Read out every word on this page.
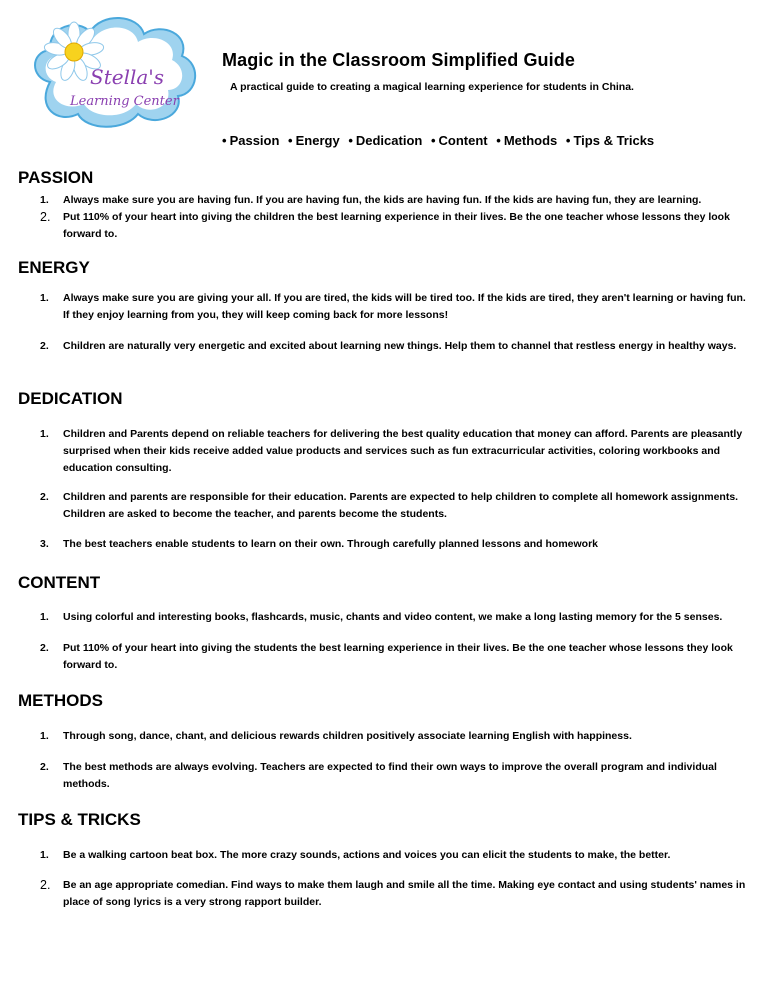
Stella's
Learning Center
Magic in the Classroom Simplified Guide
A practical guide to creating a magical learning experience for students in China.
• Passion • Energy • Dedication • Content • Methods • Tips & Tricks
PASSION
1. Always make sure you are having fun. If you are having fun, the kids are having fun. If the kids are having fun, they are learning.
2. Put 110% of your heart into giving the children the best learning experience in their lives. Be the one teacher whose lessons they look forward to.
ENERGY
1. Always make sure you are giving your all. If you are tired, the kids will be tired too. If the kids are tired, they aren't learning or having fun. If they enjoy learning from you, they will keep coming back for more lessons!
2. Children are naturally very energetic and excited about learning new things. Help them to channel that restless energy in healthy ways.
DEDICATION
1. Children and Parents depend on reliable teachers for delivering the best quality education that money can afford. Parents are pleasantly surprised when their kids receive added value products and services such as fun extracurricular activities, coloring workbooks and education consulting.
2. Children and parents are responsible for their education. Parents are expected to help children to complete all homework assignments. Children are asked to become the teacher, and parents become the students.
3. The best teachers enable students to learn on their own. Through carefully planned lessons and homework
CONTENT
1. Using colorful and interesting books, flashcards, music, chants and video content, we make a long lasting memory for the 5 senses.
2. Put 110% of your heart into giving the students the best learning experience in their lives. Be the one teacher whose lessons they look forward to.
METHODS
1. Through song, dance, chant, and delicious rewards children positively associate learning English with happiness.
2. The best methods are always evolving. Teachers are expected to find their own ways to improve the overall program and individual methods.
TIPS & TRICKS
1. Be a walking cartoon beat box. The more crazy sounds, actions and voices you can elicit the students to make, the better.
2. Be an age appropriate comedian. Find ways to make them laugh and smile all the time. Making eye contact and using students' names in place of song lyrics is a very strong rapport builder.
